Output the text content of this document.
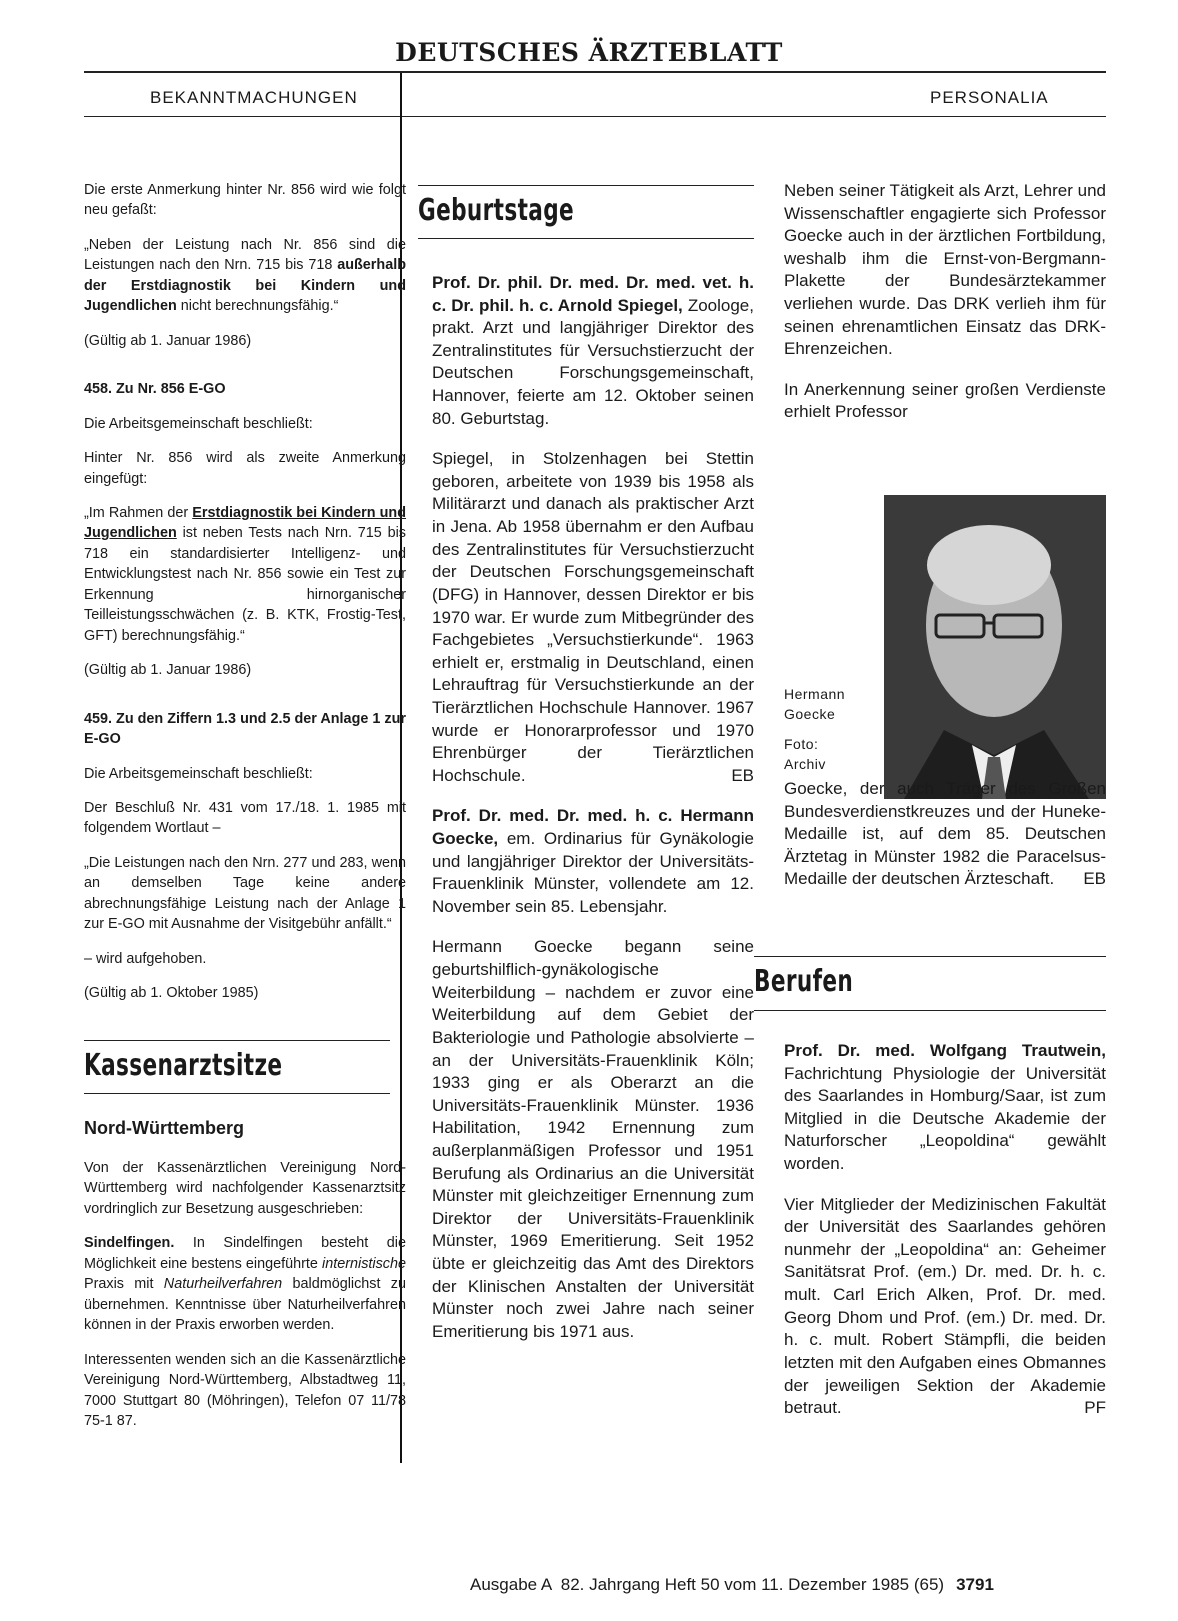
DEUTSCHES ÄRZTEBLATT
BEKANNTMACHUNGEN	PERSONALIA

Die erste Anmerkung hinter Nr. 856 wird wie folgt neu gefaßt:

„Neben der Leistung nach Nr. 856 sind die Leistungen nach den Nrn. 715 bis 718 außerhalb der Erstdiagnostik bei Kindern und Jugendlichen nicht berechnungsfähig.“

(Gültig ab 1. Januar 1986)

458. Zu Nr. 856 E-GO

Die Arbeitsgemeinschaft beschließt:

Hinter Nr. 856 wird als zweite Anmerkung eingefügt:

„Im Rahmen der Erstdiagnostik bei Kindern und Jugendlichen ist neben Tests nach Nrn. 715 bis 718 ein standardisierter Intelligenz- und Entwicklungstest nach Nr. 856 sowie ein Test zur Erkennung hirnorganischer Teilleistungsschwächen (z. B. KTK, Frostig-Test, GFT) berechnungsfähig.“

(Gültig ab 1. Januar 1986)

459. Zu den Ziffern 1.3 und 2.5 der Anlage 1 zur E-GO

Die Arbeitsgemeinschaft beschließt:

Der Beschluß Nr. 431 vom 17./18. 1. 1985 mit folgendem Wortlaut –

„Die Leistungen nach den Nrn. 277 und 283, wenn an demselben Tage keine andere abrechnungsfähige Leistung nach der Anlage 1 zur E-GO mit Ausnahme der Visitgebühr anfällt.“

– wird aufgehoben.

(Gültig ab 1. Oktober 1985)

Kassenarztsitze
Nord-Württemberg

Von der Kassenärztlichen Vereinigung Nord-Württemberg wird nachfolgender Kassenarztsitz vordringlich zur Besetzung ausgeschrieben:

Sindelfingen. In Sindelfingen besteht die Möglichkeit eine bestens eingeführte internistische Praxis mit Naturheilverfahren baldmöglichst zu übernehmen. Kenntnisse über Naturheilverfahren können in der Praxis erworben werden.

Interessenten wenden sich an die Kassenärztliche Vereinigung Nord-Württemberg, Albstadtweg 11, 7000 Stuttgart 80 (Möhringen), Telefon 07 11/78 75-1 87.

Geburtstage

Prof. Dr. phil. Dr. med. Dr. med. vet. h. c. Dr. phil. h. c. Arnold Spiegel, Zoologe, prakt. Arzt und langjähriger Direktor des Zentralinstitutes für Versuchstierzucht der Deutschen Forschungsgemeinschaft, Hannover, feierte am 12. Oktober seinen 80. Geburtstag.

Spiegel, in Stolzenhagen bei Stettin geboren, arbeitete von 1939 bis 1958 als Militärarzt und danach als praktischer Arzt in Jena. Ab 1958 übernahm er den Aufbau des Zentralinstitutes für Versuchstierzucht der Deutschen Forschungsgemeinschaft (DFG) in Hannover, dessen Direktor er bis 1970 war. Er wurde zum Mitbegründer des Fachgebietes „Versuchstierkunde“. 1963 erhielt er, erstmalig in Deutschland, einen Lehrauftrag für Versuchstierkunde an der Tierärztlichen Hochschule Hannover. 1967 wurde er Honorarprofessor und 1970 Ehrenbürger der Tierärztlichen Hochschule.	EB

Prof. Dr. med. Dr. med. h. c. Hermann Goecke, em. Ordinarius für Gynäkologie und langjähriger Direktor der Universitäts-Frauenklinik Münster, vollendete am 12. November sein 85. Lebensjahr.

Hermann Goecke begann seine geburtshilflich-gynäkologische Weiterbildung – nachdem er zuvor eine Weiterbildung auf dem Gebiet der Bakteriologie und Pathologie absolvierte – an der Universitäts-Frauenklinik Köln; 1933 ging er als Oberarzt an die Universitäts-Frauenklinik Münster. 1936 Habilitation, 1942 Ernennung zum außerplanmäßigen Professor und 1951 Berufung als Ordinarius an die Universität Münster mit gleichzeitiger Ernennung zum Direktor der Universitäts-Frauenklinik Münster, 1969 Emeritierung. Seit 1952 übte er gleichzeitig das Amt des Direktors der Klinischen Anstalten der Universität Münster noch zwei Jahre nach seiner Emeritierung bis 1971 aus.

Neben seiner Tätigkeit als Arzt, Lehrer und Wissenschaftler engagierte sich Professor Goecke auch in der ärztlichen Fortbildung, weshalb ihm die Ernst-von-Bergmann-Plakette der Bundesärztekammer verliehen wurde. Das DRK verlieh ihm für seinen ehrenamtlichen Einsatz das DRK-Ehrenzeichen.

In Anerkennung seiner großen Verdienste erhielt Professor

Hermann
Goecke
Foto:
Archiv

Goecke, der auch Träger des Großen Bundesverdienstkreuzes und der Huneke-Medaille ist, auf dem 85. Deutschen Ärztetag in Münster 1982 die Paracelsus-Medaille der deutschen Ärzteschaft. EB

Berufen

Prof. Dr. med. Wolfgang Trautwein, Fachrichtung Physiologie der Universität des Saarlandes in Homburg/Saar, ist zum Mitglied in die Deutsche Akademie der Naturforscher „Leopoldina“ gewählt worden.

Vier Mitglieder der Medizinischen Fakultät der Universität des Saarlandes gehören nunmehr der „Leopoldina“ an: Geheimer Sanitätsrat Prof. (em.) Dr. med. Dr. h. c. mult. Carl Erich Alken, Prof. Dr. med. Georg Dhom und Prof. (em.) Dr. med. Dr. h. c. mult. Robert Stämpfli, die beiden letzten mit den Aufgaben eines Obmannes der jeweiligen Sektion der Akademie betraut.	PF

Ausgabe A  82. Jahrgang Heft 50 vom 11. Dezember 1985 (65) 3791
